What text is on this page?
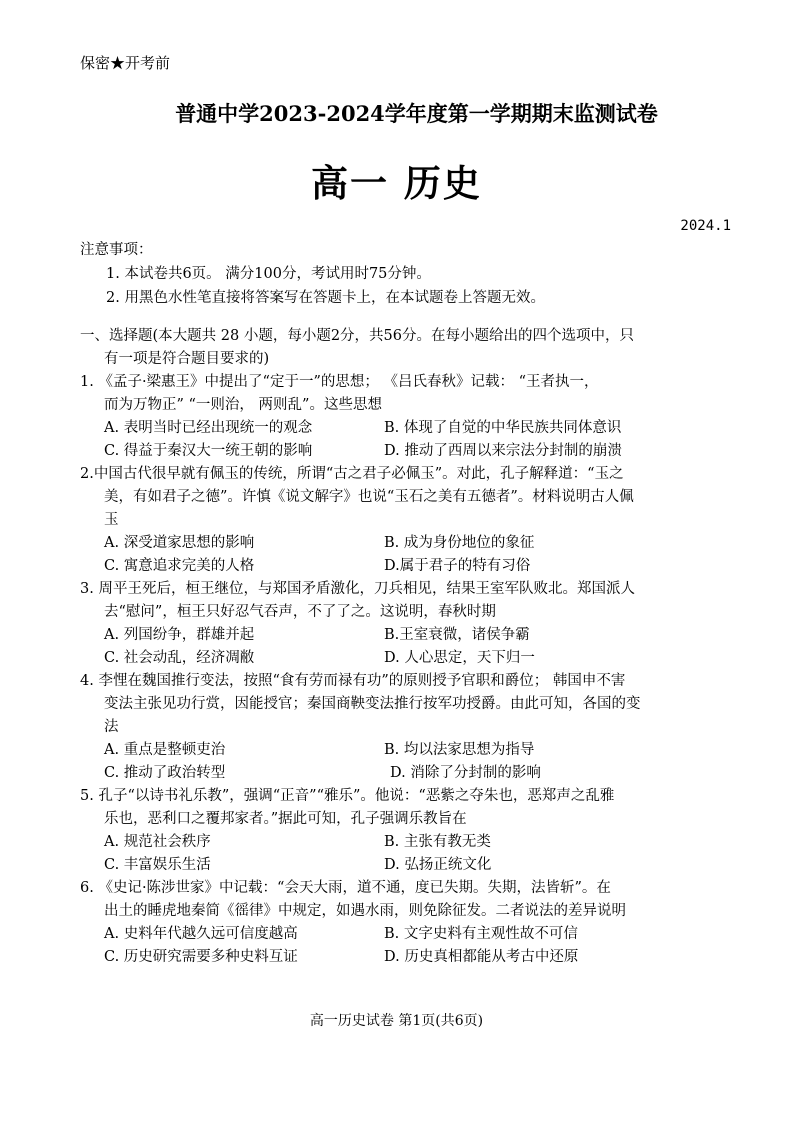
保密★开考前
普通中学2023-2024学年度第一学期期末监测试卷
高一 历史
2024.1
注意事项：
1. 本试卷共6页。 满分100分，考试用时75分钟。
2. 用黑色水性笔直接将答案写在答题卡上，在本试题卷上答题无效。
一、选择题(本大题共 28 小题，每小题2分，共56分。在每小题给出的四个选项中，只
有一项是符合题目要求的)
1. 《孟子·梁惠王》中提出了“定于一”的思想； 《吕氏春秋》记载： “王者执一，
而为万物正” “一则治， 两则乱”。这些思想
A. 表明当时已经出现统一的观念	B. 体现了自觉的中华民族共同体意识
C. 得益于秦汉大一统王朝的影响	D. 推动了西周以来宗法分封制的崩溃
2.中国古代很早就有佩玉的传统，所谓“古之君子必佩玉”。对此，孔子解释道：“玉之
美，有如君子之德”。许慎《说文解字》也说“玉石之美有五德者”。材料说明古人佩
玉
A. 深受道家思想的影响	B. 成为身份地位的象征
C. 寓意追求完美的人格	D.属于君子的特有习俗
3. 周平王死后，桓王继位，与郑国矛盾激化，刀兵相见，结果王室军队败北。郑国派人
去“慰问”，桓王只好忍气吞声，不了了之。这说明，春秋时期
A. 列国纷争，群雄并起	B.王室衰微，诸侯争霸
C. 社会动乱，经济凋敝	D. 人心思定，天下归一
4. 李悝在魏国推行变法，按照“食有劳而禄有功”的原则授予官职和爵位； 韩国申不害
变法主张见功行赏，因能授官；秦国商鞅变法推行按军功授爵。由此可知，各国的变
法
A. 重点是整顿吏治	B. 均以法家思想为指导
C. 推动了政治转型	D. 消除了分封制的影响
5. 孔子“以诗书礼乐教”，强调“正音”“雅乐”。他说：“恶紫之夺朱也，恶郑声之乱雅
乐也，恶利口之覆邦家者。”据此可知，孔子强调乐教旨在
A. 规范社会秩序	B. 主张有教无类
C. 丰富娱乐生活	D. 弘扬正统文化
6. 《史记·陈涉世家》中记载：“会天大雨，道不通，度已失期。失期，法皆斩”。在
出土的睡虎地秦简《徭律》中规定，如遇水雨，则免除征发。二者说法的差异说明
A. 史料年代越久远可信度越高	B. 文字史料有主观性故不可信
C. 历史研究需要多种史料互证	D. 历史真相都能从考古中还原
高一历史试卷 第1页(共6页)
